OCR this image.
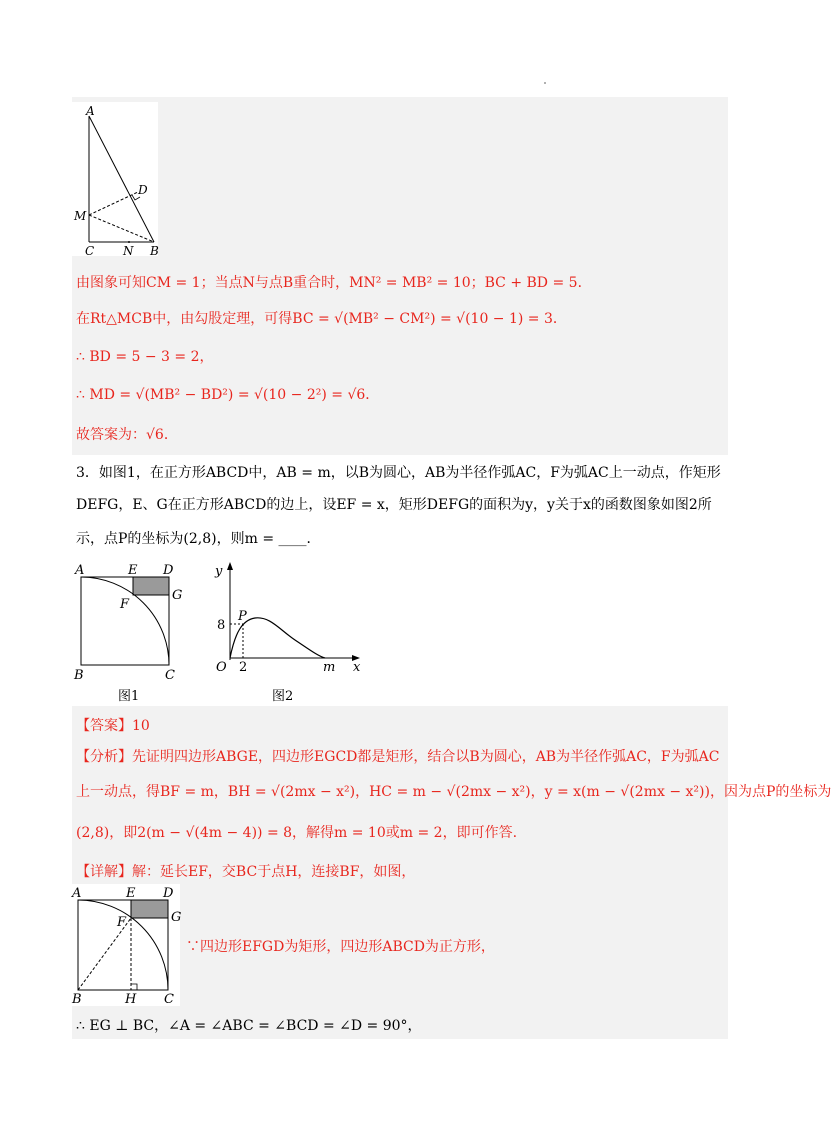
A
D
M
C N B
由图象可知CM = 1；当点N与点B重合时，MN² = MB² = 10；BC + BD = 5．
在Rt△MCB中，由勾股定理，可得BC = √(MB² − CM²) = √(10 − 1) = 3．
∴ BD = 5 − 3 = 2，
∴ MD = √(MB² − BD²) = √(10 − 2²) = √6．
故答案为：√6．
3．如图1，在正方形ABCD中，AB = m，以B为圆心，AB为半径作弧AC，F为弧AC上一动点，作矩形
DEFG，E、G在正方形ABCD的边上，设EF = x，矩形DEFG的面积为y，y关于x的函数图象如图2所
示，点P的坐标为(2,8)，则m = ____．
A	E D
F
G
B	C
图1
y
P
8
O 2	m x
图2
【答案】10
【分析】先证明四边形ABGE，四边形EGCD都是矩形，结合以B为圆心，AB为半径作弧AC，F为弧AC
上一动点，得BF = m，BH = √(2mx − x²)，HC = m − √(2mx − x²)，y = x(m − √(2mx − x²))，因为点P的坐标为
(2,8)，即2(m − √(4m − 4)) = 8，解得m = 10或m = 2，即可作答.
【详解】解：延长EF，交BC于点H，连接BF，如图，
A	E D
F	G
B	H C
∵四边形EFGD为矩形，四边形ABCD为正方形，
∴ EG ⊥ BC，∠A = ∠ABC = ∠BCD = ∠D = 90°，
